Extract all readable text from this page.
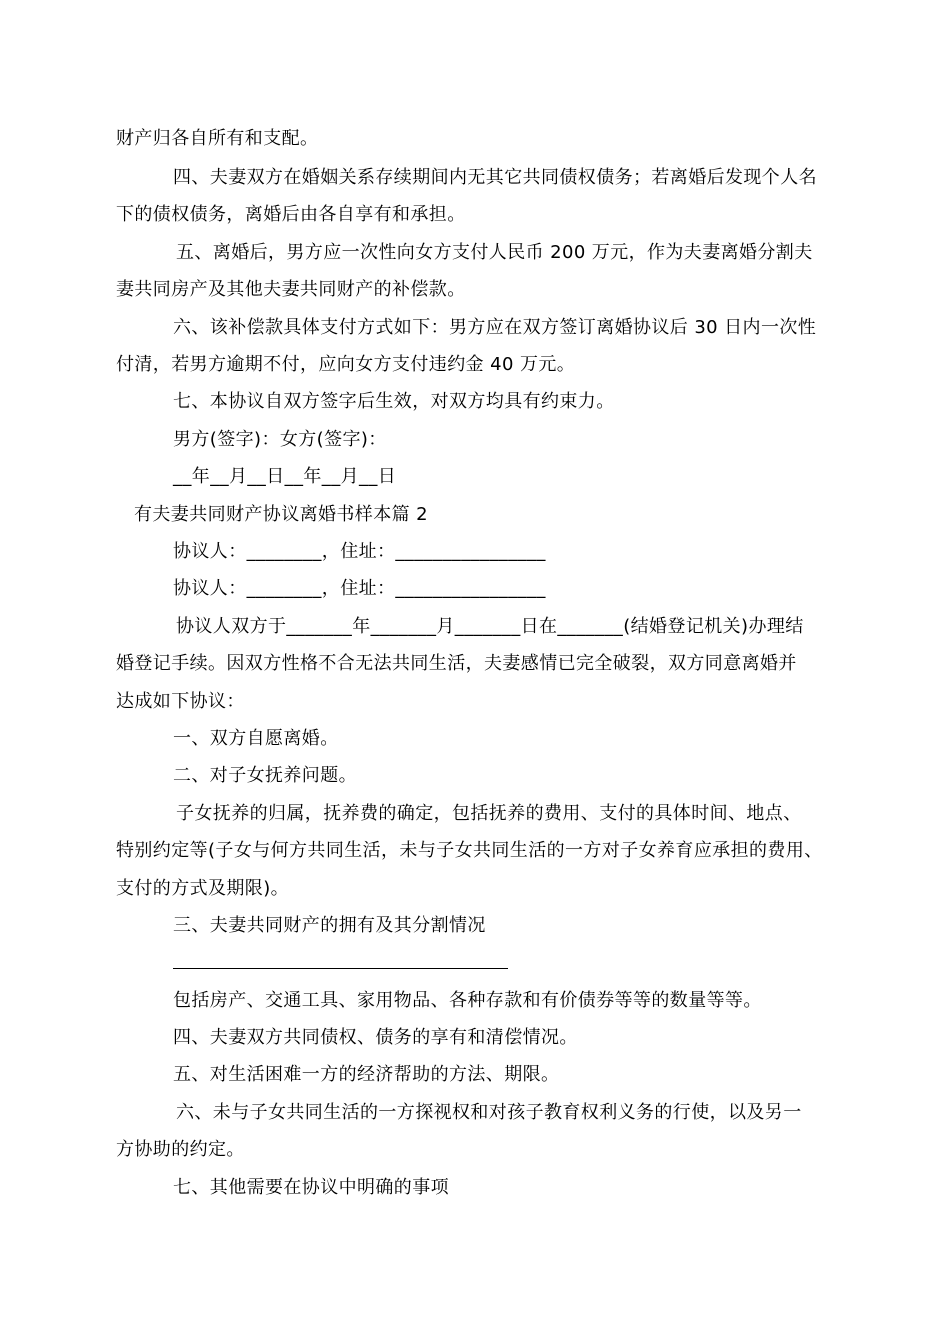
财产归各自所有和支配。

四、夫妻双方在婚姻关系存续期间内无其它共同债权债务；若离婚后发现个人名

下的债权债务，离婚后由各自享有和承担。

五、离婚后，男方应一次性向女方支付人民币 200 万元，作为夫妻离婚分割夫

妻共同房产及其他夫妻共同财产的补偿款。

六、该补偿款具体支付方式如下：男方应在双方签订离婚协议后 30 日内一次性

付清，若男方逾期不付，应向女方支付违约金 40 万元。

七、本协议自双方签字后生效，对双方均具有约束力。

男方(签字)：女方(签字)：

__年__月__日__年__月__日

有夫妻共同财产协议离婚书样本篇 2

协议人：________，住址：________________

协议人：________，住址：________________

协议人双方于_______年_______月_______日在_______(结婚登记机关)办理结

婚登记手续。因双方性格不合无法共同生活，夫妻感情已完全破裂，双方同意离婚并

达成如下协议：

一、双方自愿离婚。

二、对子女抚养问题。

子女抚养的归属，抚养费的确定，包括抚养的费用、支付的具体时间、地点、

特别约定等(子女与何方共同生活，未与子女共同生活的一方对子女养育应承担的费用、

支付的方式及期限)。

三、夫妻共同财产的拥有及其分割情况

包括房产、交通工具、家用物品、各种存款和有价债券等等的数量等等。

四、夫妻双方共同债权、债务的享有和清偿情况。

五、对生活困难一方的经济帮助的方法、期限。

六、未与子女共同生活的一方探视权和对孩子教育权利义务的行使，以及另一

方协助的约定。

七、其他需要在协议中明确的事项
